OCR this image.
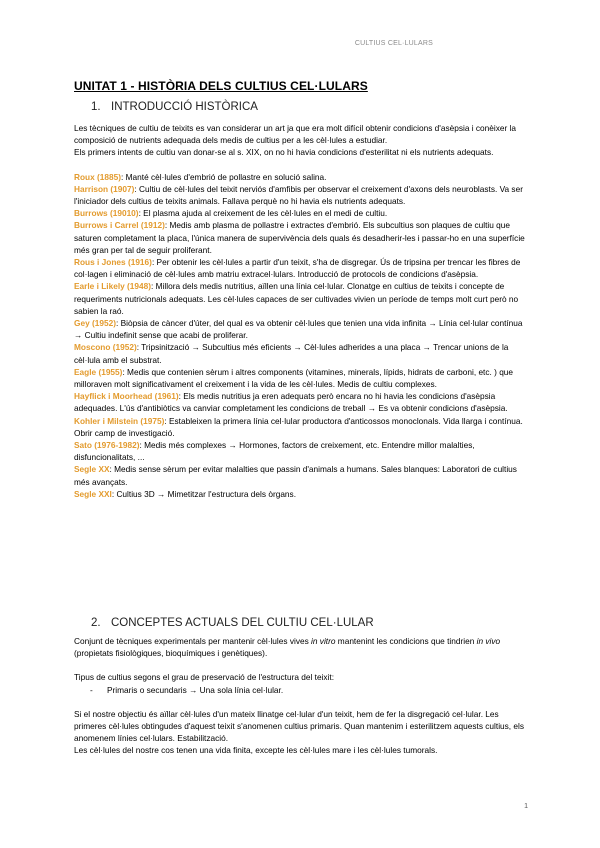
CULTIUS CEL·LULARS
UNITAT 1 - HISTÒRIA DELS CULTIUS CEL·LULARS
1. INTRODUCCIÓ HISTÒRICA

Les tècniques de cultiu de teixits es van considerar un art ja que era molt difícil obtenir condicions d'asèpsia i conèixer la composició de nutrients adequada dels medis de cultius per a les cèl·lules a estudiar.

Els primers intents de cultiu van donar-se al s. XIX, on no hi havia condicions d'esterilitat ni els nutrients adequats.

Roux (1885): Manté cèl·lules d'embrió de pollastre en solució salina.

Harrison (1907): Cultiu de cèl·lules del teixit nerviós d'amfibis per observar el creixement d'axons dels neuroblasts. Va ser l'iniciador dels cultius de teixits animals. Fallava perquè no hi havia els nutrients adequats.

Burrows (19010): El plasma ajuda al creixement de les cèl·lules en el medi de cultiu.

Burrows i Carrel (1912): Medis amb plasma de pollastre i extractes d'embrió. Els subcultius son plaques de cultiu que saturen completament la placa, l'única manera de supervivència dels quals és desadherir-les i passar-ho en una superfície més gran per tal de seguir proliferant.

Rous i Jones (1916): Per obtenir les cèl·lules a partir d'un teixit, s'ha de disgregar. Ús de tripsina per trencar les fibres de col·lagen i eliminació de cèl·lules amb matriu extracel·lulars. Introducció de protocols de condicions d'asèpsia.

Earle i Likely (1948): Millora dels medis nutritius, aïllen una línia cel·lular. Clonatge en cultius de teixits i concepte de requeriments nutricionals adequats. Les cèl·lules capaces de ser cultivades vivien un període de temps molt curt però no sabien la raó.

Gey (1952): Biòpsia de càncer d'úter, del qual es va obtenir cèl·lules que tenien una vida infinita → Línia cel·lular contínua → Cultiu indefinit sense que acabi de proliferar.

Moscono (1952): Tripsinització → Subcultius més eficients → Cèl·lules adherides a una placa → Trencar unions de la cèl·lula amb el substrat.

Eagle (1955): Medis que contenien sèrum i altres components (vitamines, minerals, lípids, hidrats de carboni, etc. ) que milloraven molt significativament el creixement i la vida de les cèl·lules. Medis de cultiu complexes.

Hayflick i Moorhead (1961): Els medis nutritius ja eren adequats però encara no hi havia les condicions d'asèpsia adequades. L'ús d'antibiòtics va canviar completament les condicions de treball → Es va obtenir condicions d'asèpsia.

Kohler i Milstein (1975): Estableixen la primera línia cel·lular productora d'anticossos monoclonals. Vida llarga i contínua. Obrir camp de investigació.

Sato (1976-1982): Medis més complexes → Hormones, factors de creixement, etc. Entendre millor malalties, disfuncionalitats, ...

Segle XX: Medis sense sèrum per evitar malalties que passin d'animals a humans. Sales blanques: Laboratori de cultius més avançats.

Segle XXI: Cultius 3D → Mimetitzar l'estructura dels òrgans.

2. CONCEPTES ACTUALS DEL CULTIU CEL·LULAR

Conjunt de tècniques experimentals per mantenir cèl·lules vives in vitro mantenint les condicions que tindrien in vivo (propietats fisiològiques, bioquímiques i genètiques).

Tipus de cultius segons el grau de preservació de l'estructura del teixit:

- Primaris o secundaris → Una sola línia cel·lular.

Si el nostre objectiu és aïllar cèl·lules d'un mateix llinatge cel·lular d'un teixit, hem de fer la disgregació cel·lular. Les primeres cèl·lules obtingudes d'aquest teixit s'anomenen cultius primaris. Quan mantenim i esterilitzem aquests cultius, els anomenem línies cel·lulars. Estabilització.

Les cèl·lules del nostre cos tenen una vida finita, excepte les cèl·lules mare i les cèl·lules tumorals.

1
